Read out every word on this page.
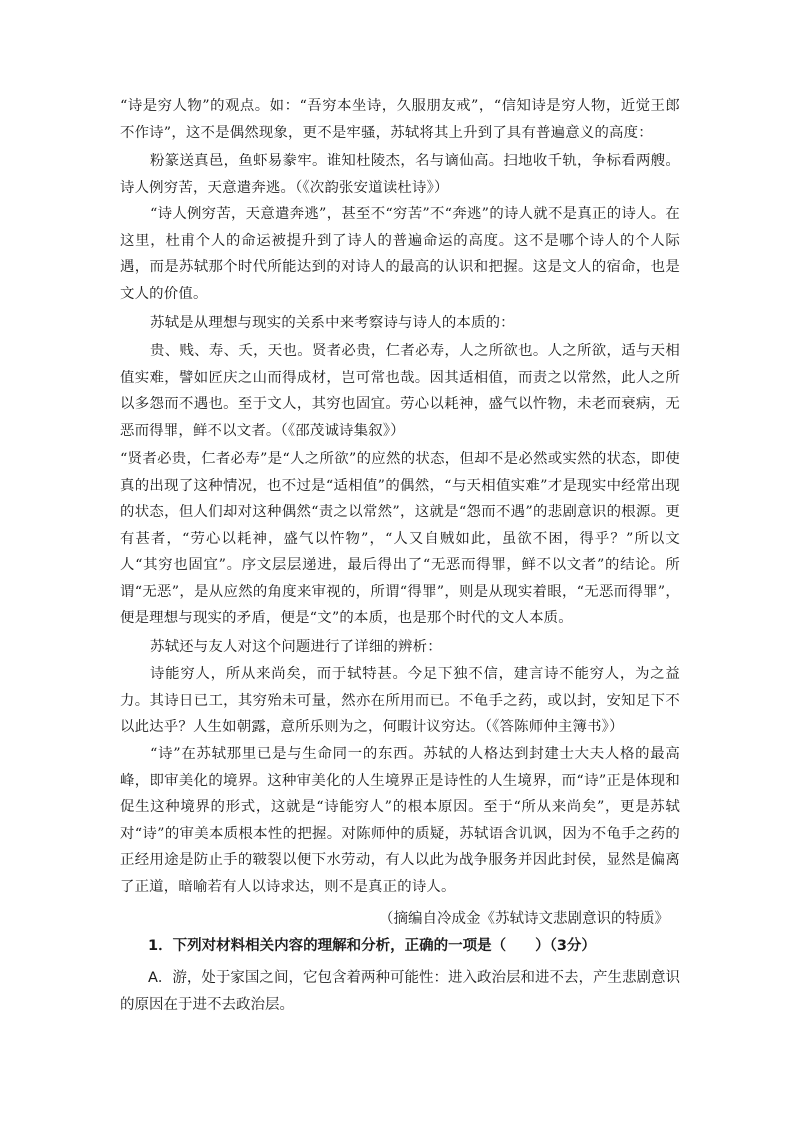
“诗是穷人物”的观点。如：“吾穷本坐诗，久服朋友戒”，“信知诗是穷人物，近觉王郎不作诗”，这不是偶然现象，更不是牢骚，苏轼将其上升到了具有普遍意义的高度：
粉篆送真邑，鱼虾易豢牢。谁知杜陵杰，名与谪仙高。扫地收千轨，争标看两艘。诗人例穷苦，天意遣奔逃。（《次韵张安道读杜诗》）
“诗人例穷苦，天意遣奔逃”，甚至不“穷苦”不“奔逃”的诗人就不是真正的诗人。在这里，杜甫个人的命运被提升到了诗人的普遍命运的高度。这不是哪个诗人的个人际遇，而是苏轼那个时代所能达到的对诗人的最高的认识和把握。这是文人的宿命，也是文人的价值。
苏轼是从理想与现实的关系中来考察诗与诗人的本质的：
贵、贱、寿、夭，天也。贤者必贵，仁者必寿，人之所欲也。人之所欲，适与天相值实难，譬如匠庆之山而得成材，岂可常也哉。因其适相值，而责之以常然，此人之所以多怨而不遇也。至于文人，其穷也固宜。劳心以耗神，盛气以忤物，未老而衰病，无恶而得罪，鲜不以文者。（《邵茂诚诗集叙》）
“贤者必贵，仁者必寿”是“人之所欲”的应然的状态，但却不是必然或实然的状态，即使真的出现了这种情况，也不过是“适相值”的偶然，“与天相值实难”才是现实中经常出现的状态，但人们却对这种偶然“责之以常然”，这就是“怨而不遇”的悲剧意识的根源。更有甚者，“劳心以耗神，盛气以忤物”，“人又自贼如此，虽欲不困，得乎？”所以文人“其穷也固宜”。序文层层递进，最后得出了“无恶而得罪，鲜不以文者”的结论。所谓“无恶”，是从应然的角度来审视的，所谓“得罪”，则是从现实着眼，“无恶而得罪”，便是理想与现实的矛盾，便是“文”的本质，也是那个时代的文人本质。
苏轼还与友人对这个问题进行了详细的辨析：
诗能穷人，所从来尚矣，而于轼特甚。今足下独不信，建言诗不能穷人，为之益力。其诗日已工，其穷殆未可量，然亦在所用而已。不龟手之药，或以封，安知足下不以此达乎？人生如朝露，意所乐则为之，何暇计议穷达。（《答陈师仲主簿书》）
“诗”在苏轼那里已是与生命同一的东西。苏轼的人格达到封建士大夫人格的最高峰，即审美化的境界。这种审美化的人生境界正是诗性的人生境界，而“诗”正是体现和促生这种境界的形式，这就是“诗能穷人”的根本原因。至于“所从来尚矣”，更是苏轼对“诗”的审美本质根本性的把握。对陈师仲的质疑，苏轼语含讥讽，因为不龟手之药的正经用途是防止手的皲裂以便下水劳动，有人以此为战争服务并因此封侯，显然是偏离了正道，暗喻若有人以诗求达，则不是真正的诗人。
（摘编自冷成金《苏轼诗文悲剧意识的特质》
1．下列对材料相关内容的理解和分析，正确的一项是（　　）（3分）
A．游，处于家国之间，它包含着两种可能性：进入政治层和进不去，产生悲剧意识的原因在于进不去政治层。
